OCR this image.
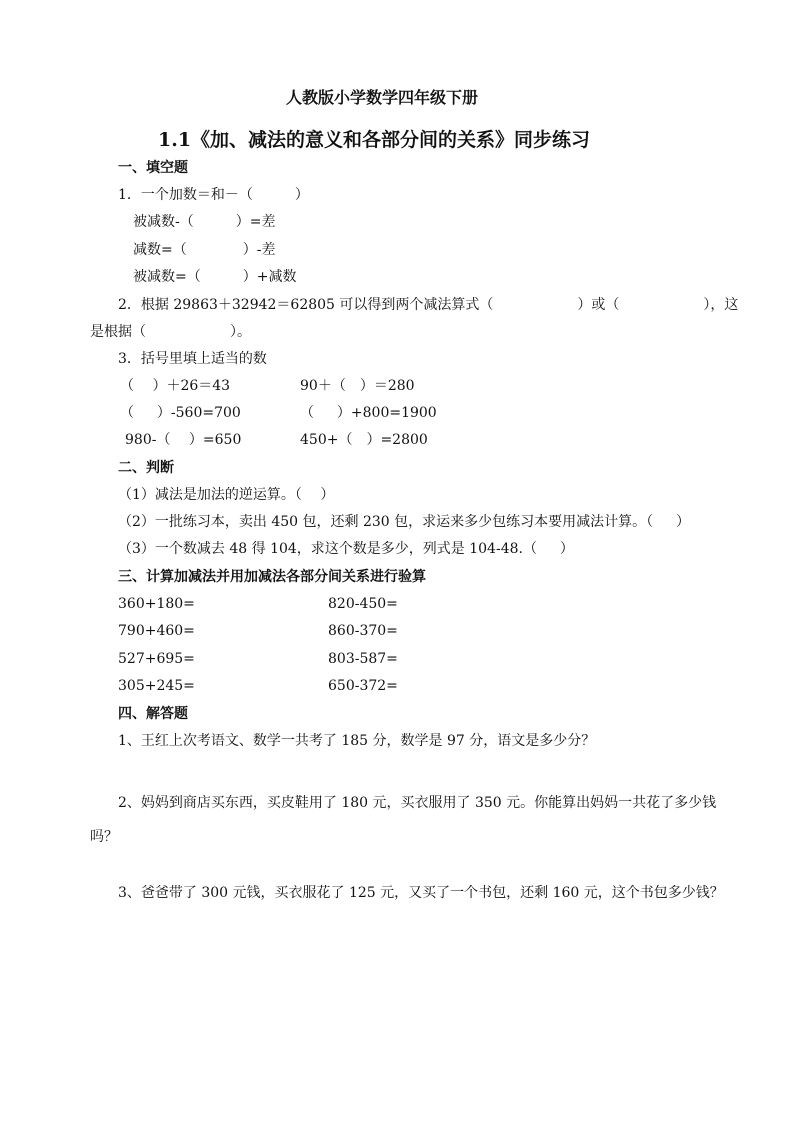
人教版小学数学四年级下册
1.1《加、减法的意义和各部分间的关系》同步练习
一、填空题
1．一个加数＝和－（　　　）
被减数-（　　　）=差
减数=（　　　　）-差
被减数=（　　　）+减数
2．根据 29863＋32942＝62805 可以得到两个减法算式（　　　　　　）或（　　　　　　），这
是根据（　　　　　　）。
3．括号里填上适当的数
（　 ）＋26＝43	90＋（　）＝280
（　  ）-560=700	（　  ）+800=1900
980-（　 ）=650	450+（　）=2800
二、判断
（1）减法是加法的逆运算。（　 ）
（2）一批练习本，卖出 450 包，还剩 230 包，求运来多少包练习本要用减法计算。（　  ）
（3）一个数减去 48 得 104，求这个数是多少，列式是 104-48.（　  ）
三、计算加减法并用加减法各部分间关系进行验算
360+180=	820-450=
790+460=	860-370=
527+695=	803-587=
305+245=	650-372=
四、解答题
1、王红上次考语文、数学一共考了 185 分，数学是 97 分，语文是多少分？
2、妈妈到商店买东西，买皮鞋用了 180 元，买衣服用了 350 元。你能算出妈妈一共花了多少钱
吗？
3、爸爸带了 300 元钱，买衣服花了 125 元，又买了一个书包，还剩 160 元，这个书包多少钱？
